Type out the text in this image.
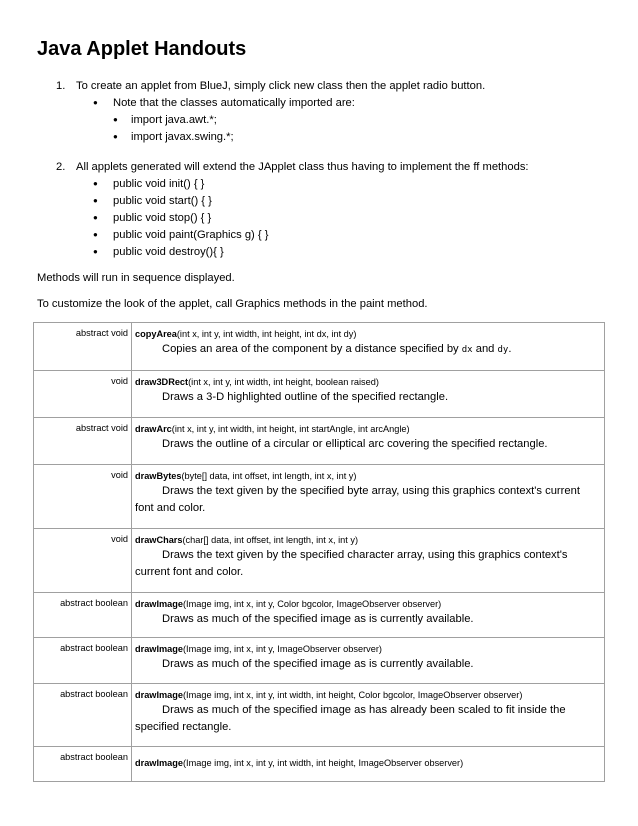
Java Applet Handouts
1. To create an applet from BlueJ, simply click new class then the applet radio button.
● Note that the classes automatically imported are:
● import java.awt.*;
● import javax.swing.*;
2. All applets generated will extend the JApplet class thus having to implement the ff methods:
● public void init() { }
● public void start() { }
● public void stop() { }
● public void paint(Graphics g) { }
● public void destroy(){ }
Methods will run in sequence displayed.
To customize the look of the applet, call Graphics methods in the paint method.
abstract void	copyArea(int x, int y, int width, int height, int dx, int dy)
Copies an area of the component by a distance specified by dx and dy.

void	draw3DRect(int x, int y, int width, int height, boolean raised)
Draws a 3-D highlighted outline of the specified rectangle.

abstract void	drawArc(int x, int y, int width, int height, int startAngle, int arcAngle)
Draws the outline of a circular or elliptical arc covering the specified rectangle.

void	drawBytes(byte[] data, int offset, int length, int x, int y)
Draws the text given by the specified byte array, using this graphics context's current font and color.

void	drawChars(char[] data, int offset, int length, int x, int y)
Draws the text given by the specified character array, using this graphics context's current font and color.

abstract boolean	drawImage(Image img, int x, int y, Color bgcolor, ImageObserver observer)
Draws as much of the specified image as is currently available.

abstract boolean	drawImage(Image img, int x, int y, ImageObserver observer)
Draws as much of the specified image as is currently available.

abstract boolean	drawImage(Image img, int x, int y, int width, int height, Color bgcolor, ImageObserver observer)
Draws as much of the specified image as has already been scaled to fit inside the specified rectangle.

abstract boolean	drawImage(Image img, int x, int y, int width, int height, ImageObserver observer)
